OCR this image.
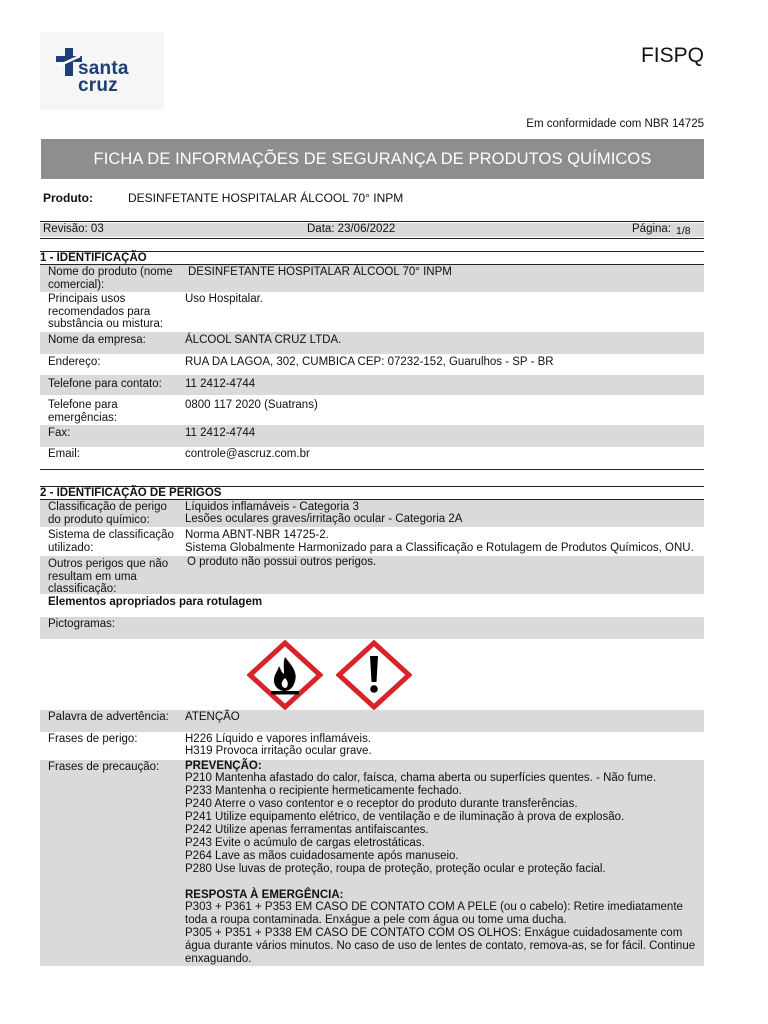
santa
cruz
FISPQ
Em conformidade com NBR 14725
FICHA DE INFORMAÇÕES DE SEGURANÇA DE PRODUTOS QUÍMICOS
Produto:	DESINFETANTE HOSPITALAR ÁLCOOL 70° INPM
Revisão: 03	Data: 23/06/2022	Página: 1/8
1 - IDENTIFICAÇÃO
Nome do produto (nome comercial):
DESINFETANTE HOSPITALAR ÁLCOOL 70° INPM
Principais usos recomendados para substância ou mistura:
Uso Hospitalar.
Nome da empresa:	ÁLCOOL SANTA CRUZ LTDA.
Endereço:	RUA DA LAGOA, 302, CUMBICA CEP: 07232-152, Guarulhos - SP - BR
Telefone para contato:	11 2412-4744
Telefone para emergências:
0800 117 2020 (Suatrans)
Fax:	11 2412-4744
Email:	controle@ascruz.com.br
2 - IDENTIFICAÇÃO DE PERIGOS
Classificação de perigo do produto químico:
Líquidos inflamáveis - Categoria 3
Lesões oculares graves/irritação ocular - Categoria 2A
Sistema de classificação utilizado:
Norma ABNT-NBR 14725-2.
Sistema Globalmente Harmonizado para a Classificação e Rotulagem de Produtos Químicos, ONU.
Outros perigos que não resultam em uma classificação:
O produto não possui outros perigos.
Elementos apropriados para rotulagem
Pictogramas:
Palavra de advertência:	ATENÇÃO
Frases de perigo:	H226 Líquido e vapores inflamáveis.
H319 Provoca irritação ocular grave.
Frases de precaução:	PREVENÇÃO:
P210 Mantenha afastado do calor, faísca, chama aberta ou superfícies quentes. - Não fume.
P233 Mantenha o recipiente hermeticamente fechado.
P240 Aterre o vaso contentor e o receptor do produto durante transferências.
P241 Utilize equipamento elétrico, de ventilação e de iluminação à prova de explosão.
P242 Utilize apenas ferramentas antifaiscantes.
P243 Evite o acúmulo de cargas eletrostáticas.
P264 Lave as mãos cuidadosamente após manuseio.
P280 Use luvas de proteção, roupa de proteção, proteção ocular e proteção facial.
RESPOSTA À EMERGÊNCIA:
P303 + P361 + P353 EM CASO DE CONTATO COM A PELE (ou o cabelo): Retire imediatamente
toda a roupa contaminada. Enxágue a pele com água ou tome uma ducha.
P305 + P351 + P338 EM CASO DE CONTATO COM OS OLHOS: Enxágue cuidadosamente com
água durante vários minutos. No caso de uso de lentes de contato, remova-as, se for fácil. Continue
enxaguando.
